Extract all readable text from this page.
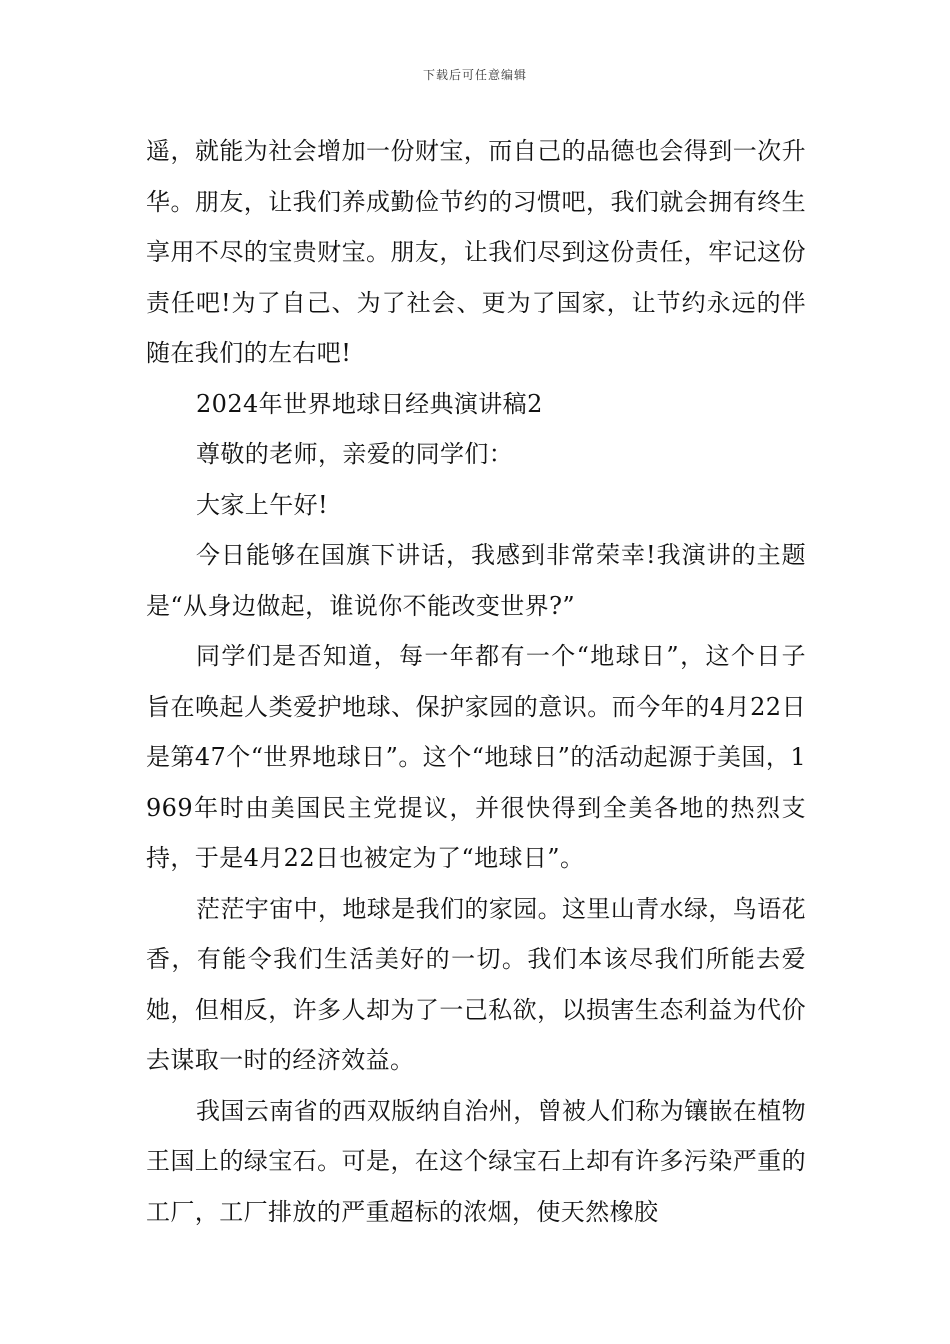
下载后可任意编辑

遥，就能为社会增加一份财宝，而自己的品德也会得到一次升华。朋友，让我们养成勤俭节约的习惯吧，我们就会拥有终生享用不尽的宝贵财宝。朋友，让我们尽到这份责任，牢记这份责任吧!为了自己、为了社会、更为了国家，让节约永远的伴随在我们的左右吧!

2024年世界地球日经典演讲稿2

尊敬的老师，亲爱的同学们：

大家上午好!

今日能够在国旗下讲话，我感到非常荣幸!我演讲的主题是“从身边做起，谁说你不能改变世界?”

同学们是否知道，每一年都有一个“地球日”，这个日子旨在唤起人类爱护地球、保护家园的意识。而今年的4月22日是第47个“世界地球日”。这个“地球日”的活动起源于美国，1969年时由美国民主党提议，并很快得到全美各地的热烈支持，于是4月22日也被定为了“地球日”。

茫茫宇宙中，地球是我们的家园。这里山青水绿，鸟语花香，有能令我们生活美好的一切。我们本该尽我们所能去爱她，但相反，许多人却为了一己私欲，以损害生态利益为代价去谋取一时的经济效益。

我国云南省的西双版纳自治州，曾被人们称为镶嵌在植物王国上的绿宝石。可是，在这个绿宝石上却有许多污染严重的工厂，工厂排放的严重超标的浓烟，使天然橡胶
